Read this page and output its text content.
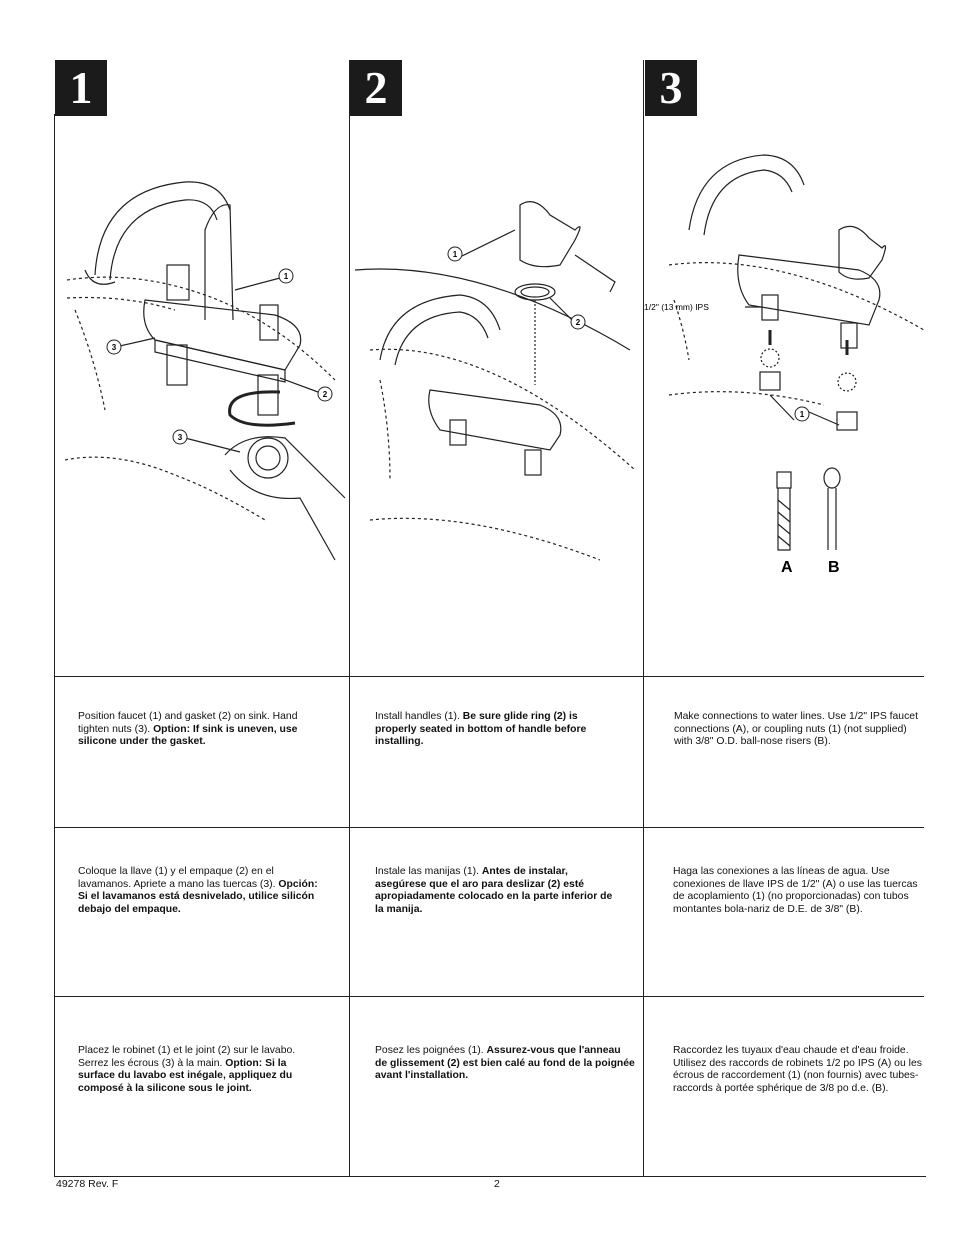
1	2	3
1
2
3
3
1
2
1
1/2" (13 mm) IPS
A B
Position faucet (1) and gasket (2) on sink. Hand tighten nuts (3). Option: If sink is uneven, use silicone under the gasket.
Install handles (1). Be sure glide ring (2) is properly seated in bottom of handle before installing.
Make connections to water lines. Use 1/2" IPS faucet connections (A), or coupling nuts (1) (not supplied) with 3/8" O.D. ball-nose risers (B).
Coloque la llave (1) y el empaque (2) en el lavamanos. Apriete a mano las tuercas (3). Opción: Si el lavamanos está desnivelado, utilice silicón debajo del empaque.
Instale las manijas (1). Antes de instalar, asegúrese que el aro para deslizar (2) esté apropiadamente colocado en la parte inferior de la manija.
Haga las conexiones a las líneas de agua. Use conexiones de llave IPS de 1/2" (A) o use las tuercas de acoplamiento (1) (no proporcionadas) con tubos montantes bola-nariz de D.E. de 3/8" (B).
Placez le robinet (1) et le joint (2) sur le lavabo. Serrez les écrous (3) à la main. Option: Si la surface du lavabo est inégale, appliquez du composé à la silicone sous le joint.
Posez les poignées (1). Assurez-vous que l'anneau de glissement (2) est bien calé au fond de la poignée avant l'installation.
Raccordez les tuyaux d'eau chaude et d'eau froide. Utilisez des raccords de robinets 1/2 po IPS (A) ou les écrous de raccordement (1) (non fournis) avec tubes-raccords à portée sphérique de 3/8 po d.e. (B).
49278 Rev. F	2
